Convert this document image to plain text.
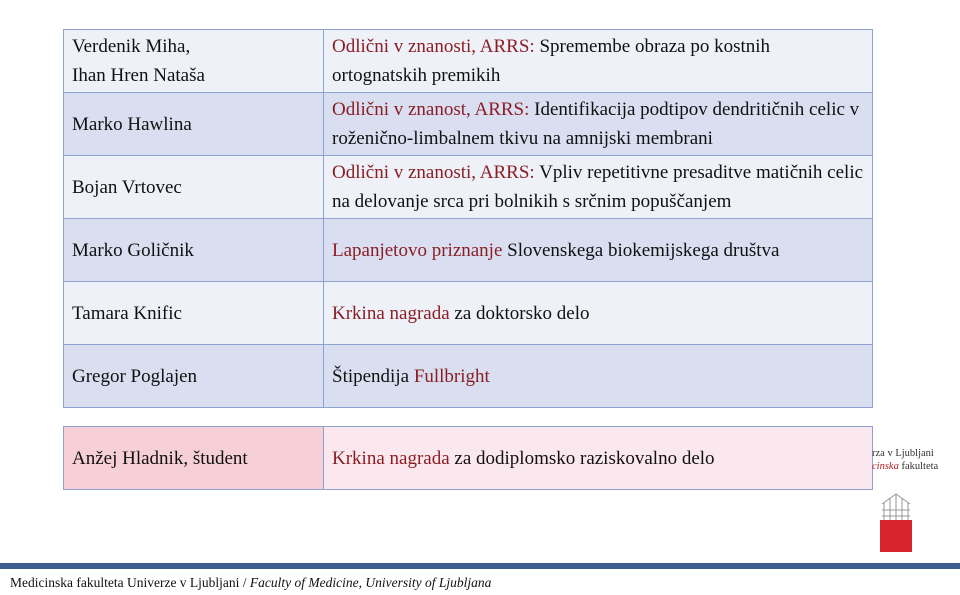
Verdenik Miha,
Ihan Hren Nataša	Odlični v znanosti, ARRS: Spremembe obraza po kostnih ortognatskih premikih
Marko Hawlina	Odlični v znanost, ARRS: Identifikacija podtipov dendritičnih celic v roženično-limbalnem tkivu na amnijski membrani
Bojan Vrtovec	Odlični v znanosti, ARRS: Vpliv repetitivne presaditve matičnih celic na delovanje srca pri bolnikih s srčnim popuščanjem
Marko Goličnik	Lapanjetovo priznanje Slovenskega biokemijskega društva
Tamara Knific	Krkina nagrada za doktorsko delo
Gregor Poglajen	Štipendija Fullbright
Anžej Hladnik, študent	Krkina nagrada za dodiplomsko raziskovalno delo	rza v Ljubljani
cinska fakulteta
Medicinska fakulteta Univerze v Ljubljani / Faculty of Medicine, University of Ljubljana
